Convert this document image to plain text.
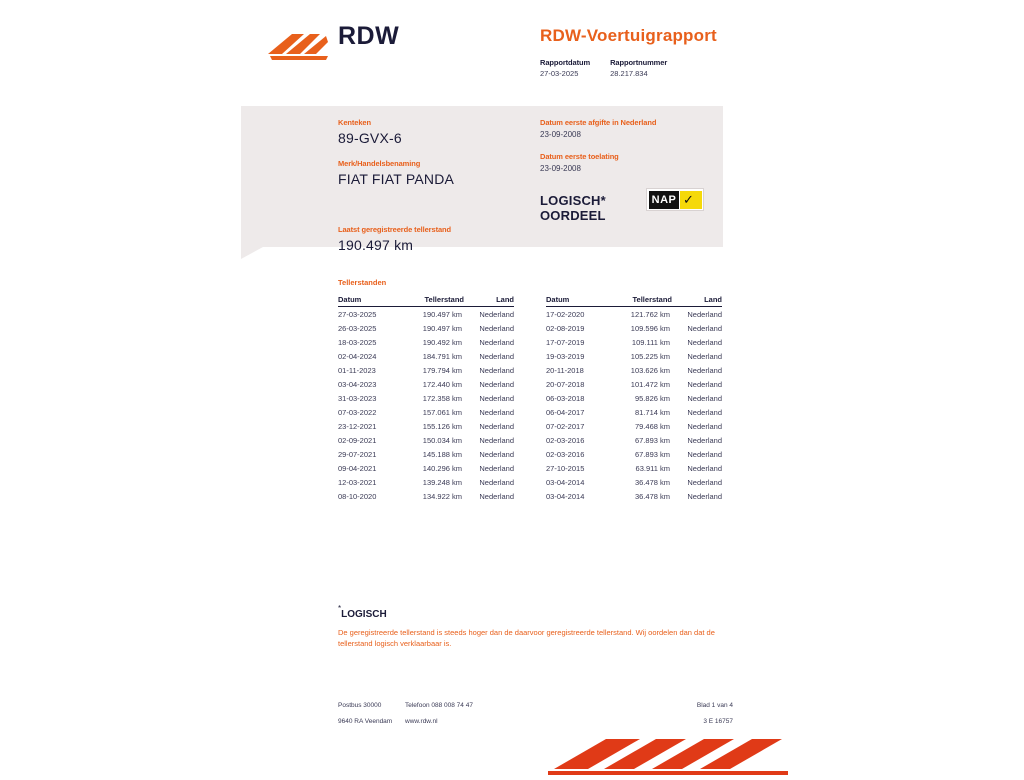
RDW	RDW-Voertuigrapport
Rapportdatum
27-03-2025

Rapportnummer
28.217.834
Kenteken
89-GVX-6
Merk/Handelsbenaming
FIAT FIAT PANDA
Laatst geregistreerde tellerstand
190.497 km
Datum eerste afgifte in Nederland
23-09-2008
Datum eerste toelating
23-09-2008
LOGISCH*
OORDEEL
NAP ✓
Tellerstanden
Datum	Tellerstand	Land
27-03-2025	190.497 km	Nederland
26-03-2025	190.497 km	Nederland
18-03-2025	190.492 km	Nederland
02-04-2024	184.791 km	Nederland
01-11-2023	179.794 km	Nederland
03-04-2023	172.440 km	Nederland
31-03-2023	172.358 km	Nederland
07-03-2022	157.061 km	Nederland
23-12-2021	155.126 km	Nederland
02-09-2021	150.034 km	Nederland
29-07-2021	145.188 km	Nederland
09-04-2021	140.296 km	Nederland
12-03-2021	139.248 km	Nederland
08-10-2020	134.922 km	Nederland
Datum	Tellerstand	Land
17-02-2020	121.762 km	Nederland
02-08-2019	109.596 km	Nederland
17-07-2019	109.111 km	Nederland
19-03-2019	105.225 km	Nederland
20-11-2018	103.626 km	Nederland
20-07-2018	101.472 km	Nederland
06-03-2018	95.826 km	Nederland
06-04-2017	81.714 km	Nederland
07-02-2017	79.468 km	Nederland
02-03-2016	67.893 km	Nederland
02-03-2016	67.893 km	Nederland
27-10-2015	63.911 km	Nederland
03-04-2014	36.478 km	Nederland
03-04-2014	36.478 km	Nederland
*LOGISCH
De geregistreerde tellerstand is steeds hoger dan de daarvoor geregistreerde tellerstand. Wij oordelen dan dat de tellerstand logisch verklaarbaar is.
Postbus 30000	Telefoon 088 008 74 47	Blad 1 van 4
9640 RA Veendam www.rdw.nl	3 E 16757
